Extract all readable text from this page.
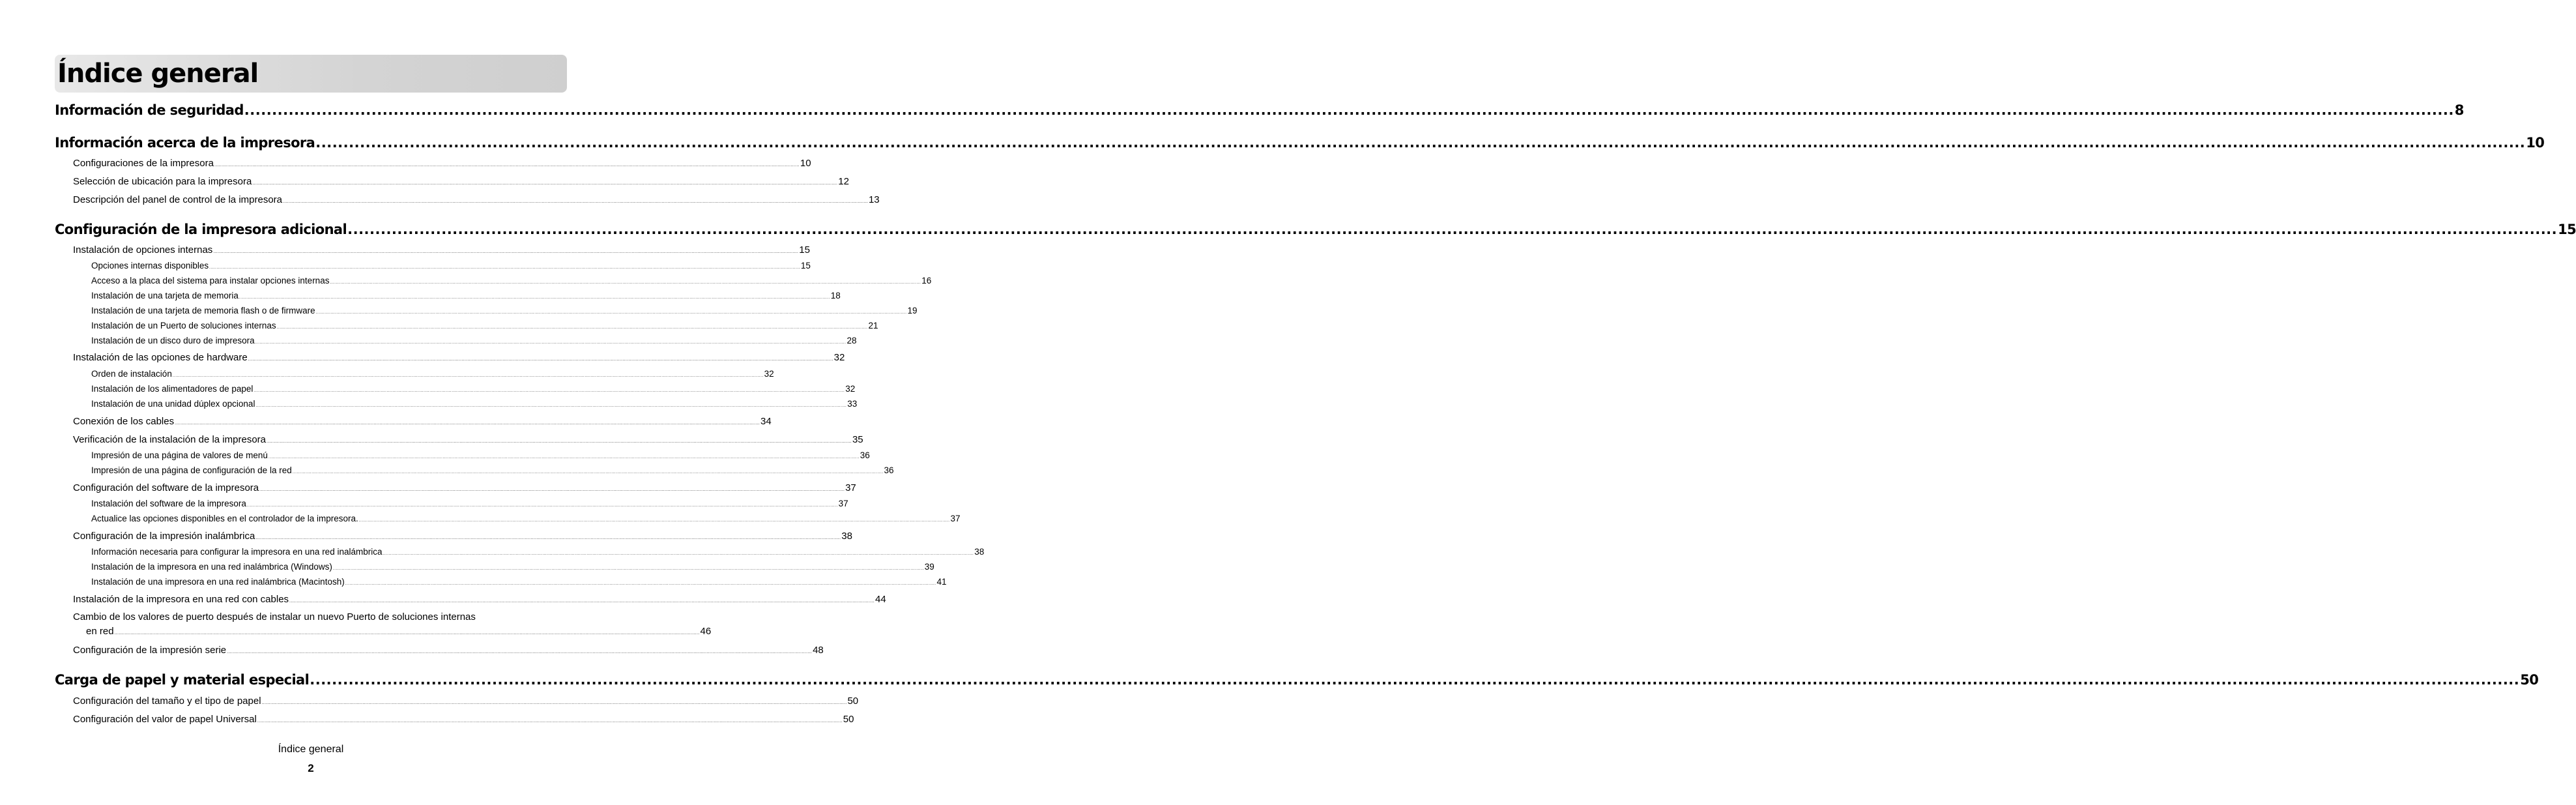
Índice general
Información de seguridad ................................................................................................................................................................................................................................................................................................................................................................................................................ 8
Información acerca de la impresora ................................................................................................................................................................................................................................................................................................................................................................................................................ 10
Configuraciones de la impresora ................................................................................................................................................................................................................................................................................................................................................................................................................ 10
Selección de ubicación para la impresora ................................................................................................................................................................................................................................................................................................................................................................................................................ 12
Descripción del panel de control de la impresora ................................................................................................................................................................................................................................................................................................................................................................................................................ 13
Configuración de la impresora adicional ................................................................................................................................................................................................................................................................................................................................................................................................................ 15
Instalación de opciones internas ................................................................................................................................................................................................................................................................................................................................................................................................................ 15
Opciones internas disponibles ................................................................................................................................................................................................................................................................................................................................................................................................................ 15
Acceso a la placa del sistema para instalar opciones internas ................................................................................................................................................................................................................................................................................................................................................................................................................ 16
Instalación de una tarjeta de memoria ................................................................................................................................................................................................................................................................................................................................................................................................................ 18
Instalación de una tarjeta de memoria flash o de firmware ................................................................................................................................................................................................................................................................................................................................................................................................................ 19
Instalación de un Puerto de soluciones internas ................................................................................................................................................................................................................................................................................................................................................................................................................ 21
Instalación de un disco duro de impresora ................................................................................................................................................................................................................................................................................................................................................................................................................ 28
Instalación de las opciones de hardware ................................................................................................................................................................................................................................................................................................................................................................................................................ 32
Orden de instalación ................................................................................................................................................................................................................................................................................................................................................................................................................ 32
Instalación de los alimentadores de papel ................................................................................................................................................................................................................................................................................................................................................................................................................ 32
Instalación de una unidad dúplex opcional ................................................................................................................................................................................................................................................................................................................................................................................................................ 33
Conexión de los cables ................................................................................................................................................................................................................................................................................................................................................................................................................ 34
Verificación de la instalación de la impresora ................................................................................................................................................................................................................................................................................................................................................................................................................ 35
Impresión de una página de valores de menú ................................................................................................................................................................................................................................................................................................................................................................................................................ 36
Impresión de una página de configuración de la red ................................................................................................................................................................................................................................................................................................................................................................................................................ 36
Configuración del software de la impresora ................................................................................................................................................................................................................................................................................................................................................................................................................ 37
Instalación del software de la impresora ................................................................................................................................................................................................................................................................................................................................................................................................................ 37
Actualice las opciones disponibles en el controlador de la impresora. ................................................................................................................................................................................................................................................................................................................................................................................................................ 37
Configuración de la impresión inalámbrica ................................................................................................................................................................................................................................................................................................................................................................................................................ 38
Información necesaria para configurar la impresora en una red inalámbrica ................................................................................................................................................................................................................................................................................................................................................................................................................ 38
Instalación de la impresora en una red inalámbrica (Windows) ................................................................................................................................................................................................................................................................................................................................................................................................................ 39
Instalación de una impresora en una red inalámbrica (Macintosh) ................................................................................................................................................................................................................................................................................................................................................................................................................ 41
Instalación de la impresora en una red con cables ................................................................................................................................................................................................................................................................................................................................................................................................................ 44
Cambio de los valores de puerto después de instalar un nuevo Puerto de soluciones internas
en red ................................................................................................................................................................................................................................................................................................................................................................................................................ 46
Configuración de la impresión serie ................................................................................................................................................................................................................................................................................................................................................................................................................ 48
Carga de papel y material especial ................................................................................................................................................................................................................................................................................................................................................................................................................ 50
Configuración del tamaño y el tipo de papel ................................................................................................................................................................................................................................................................................................................................................................................................................ 50
Configuración del valor de papel Universal ................................................................................................................................................................................................................................................................................................................................................................................................................ 50
Índice general
2
